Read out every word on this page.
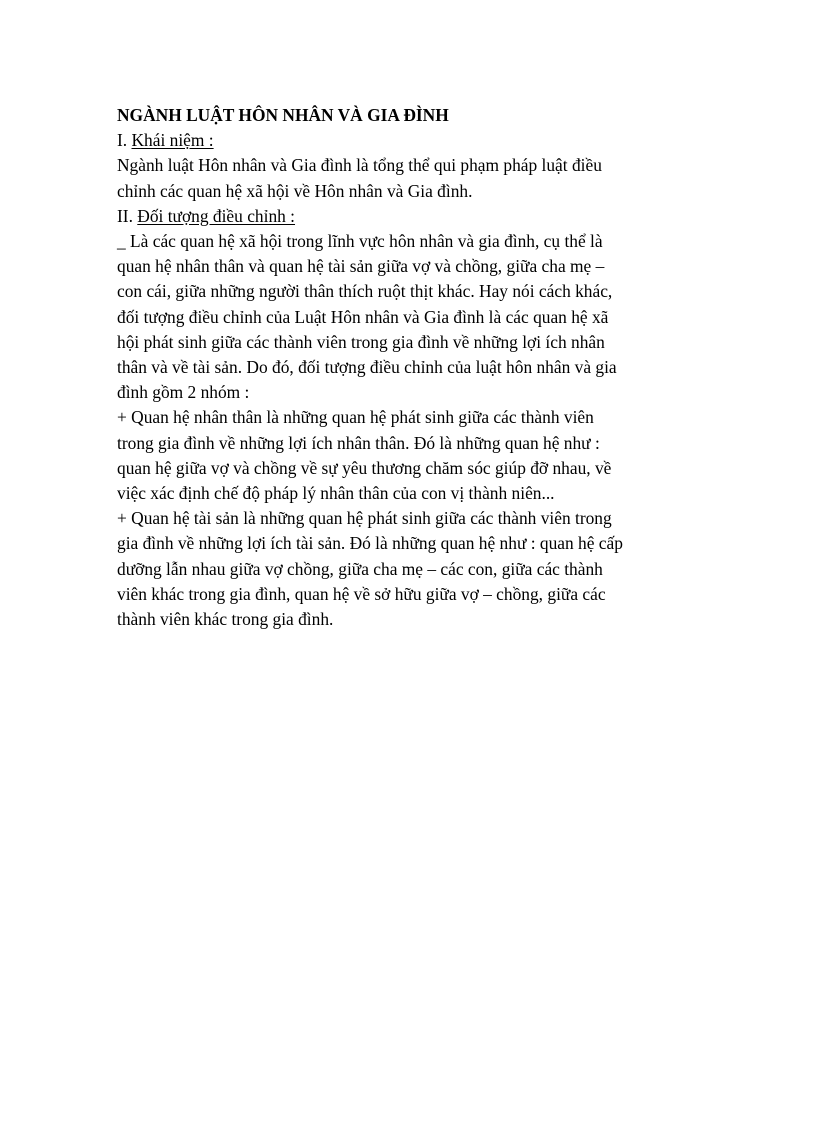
NGÀNH LUẬT HÔN NHÂN VÀ GIA ĐÌNH
I. Khái niệm :
Ngành luật Hôn nhân và Gia đình là tổng thể qui phạm pháp luật điều
chỉnh các quan hệ xã hội về Hôn nhân và Gia đình.
II. Đối tượng điều chỉnh :
_ Là các quan hệ xã hội trong lĩnh vực hôn nhân và gia đình, cụ thể là
quan hệ nhân thân và quan hệ tài sản giữa vợ và chồng, giữa cha mẹ –
con cái, giữa những người thân thích ruột thịt khác. Hay nói cách khác,
đối tượng điều chỉnh của Luật Hôn nhân và Gia đình là các quan hệ xã
hội phát sinh giữa các thành viên trong gia đình về những lợi ích nhân
thân và về tài sản. Do đó, đối tượng điều chỉnh của luật hôn nhân và gia
đình gồm 2 nhóm :
+ Quan hệ nhân thân là những quan hệ phát sinh giữa các thành viên
trong gia đình về những lợi ích nhân thân. Đó là những quan hệ như :
quan hệ giữa vợ và chồng về sự yêu thương chăm sóc giúp đỡ nhau, về
việc xác định chế độ pháp lý nhân thân của con vị thành niên...
+ Quan hệ tài sản là những quan hệ phát sinh giữa các thành viên trong
gia đình về những lợi ích tài sản. Đó là những quan hệ như : quan hệ cấp
dưỡng lẫn nhau giữa vợ chồng, giữa cha mẹ – các con, giữa các thành
viên khác trong gia đình, quan hệ về sở hữu giữa vợ – chồng, giữa các
thành viên khác trong gia đình.
